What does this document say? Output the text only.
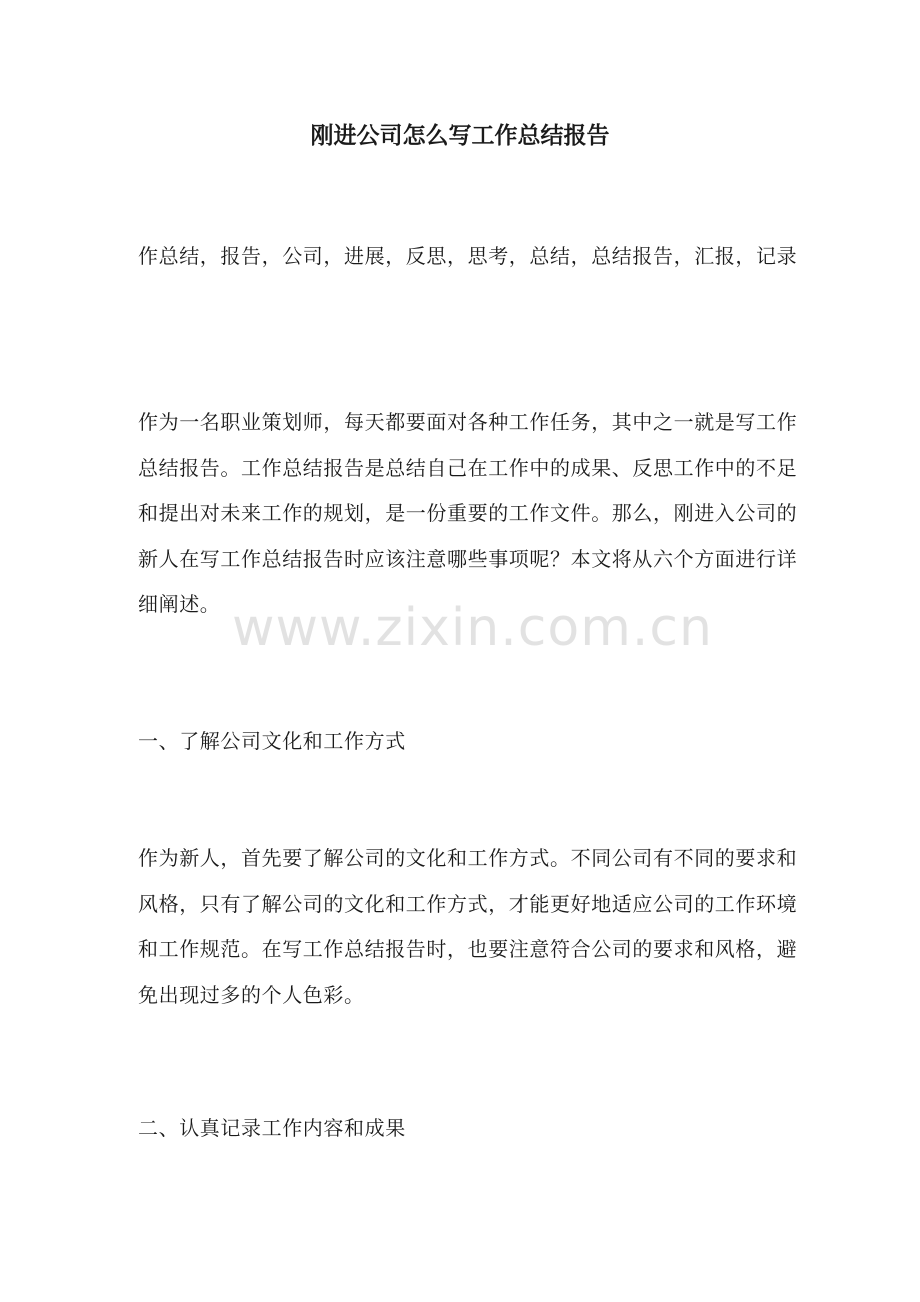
刚进公司怎么写工作总结报告

作总结，报告，公司，进展，反思，思考，总结，总结报告，汇报，记录

作为一名职业策划师，每天都要面对各种工作任务，其中之一就是写工作总结报告。工作总结报告是总结自己在工作中的成果、反思工作中的不足和提出对未来工作的规划，是一份重要的工作文件。那么，刚进入公司的新人在写工作总结报告时应该注意哪些事项呢？本文将从六个方面进行详细阐述。

一、了解公司文化和工作方式

作为新人，首先要了解公司的文化和工作方式。不同公司有不同的要求和风格，只有了解公司的文化和工作方式，才能更好地适应公司的工作环境和工作规范。在写工作总结报告时，也要注意符合公司的要求和风格，避免出现过多的个人色彩。

二、认真记录工作内容和成果

www.zixin.com.cn
